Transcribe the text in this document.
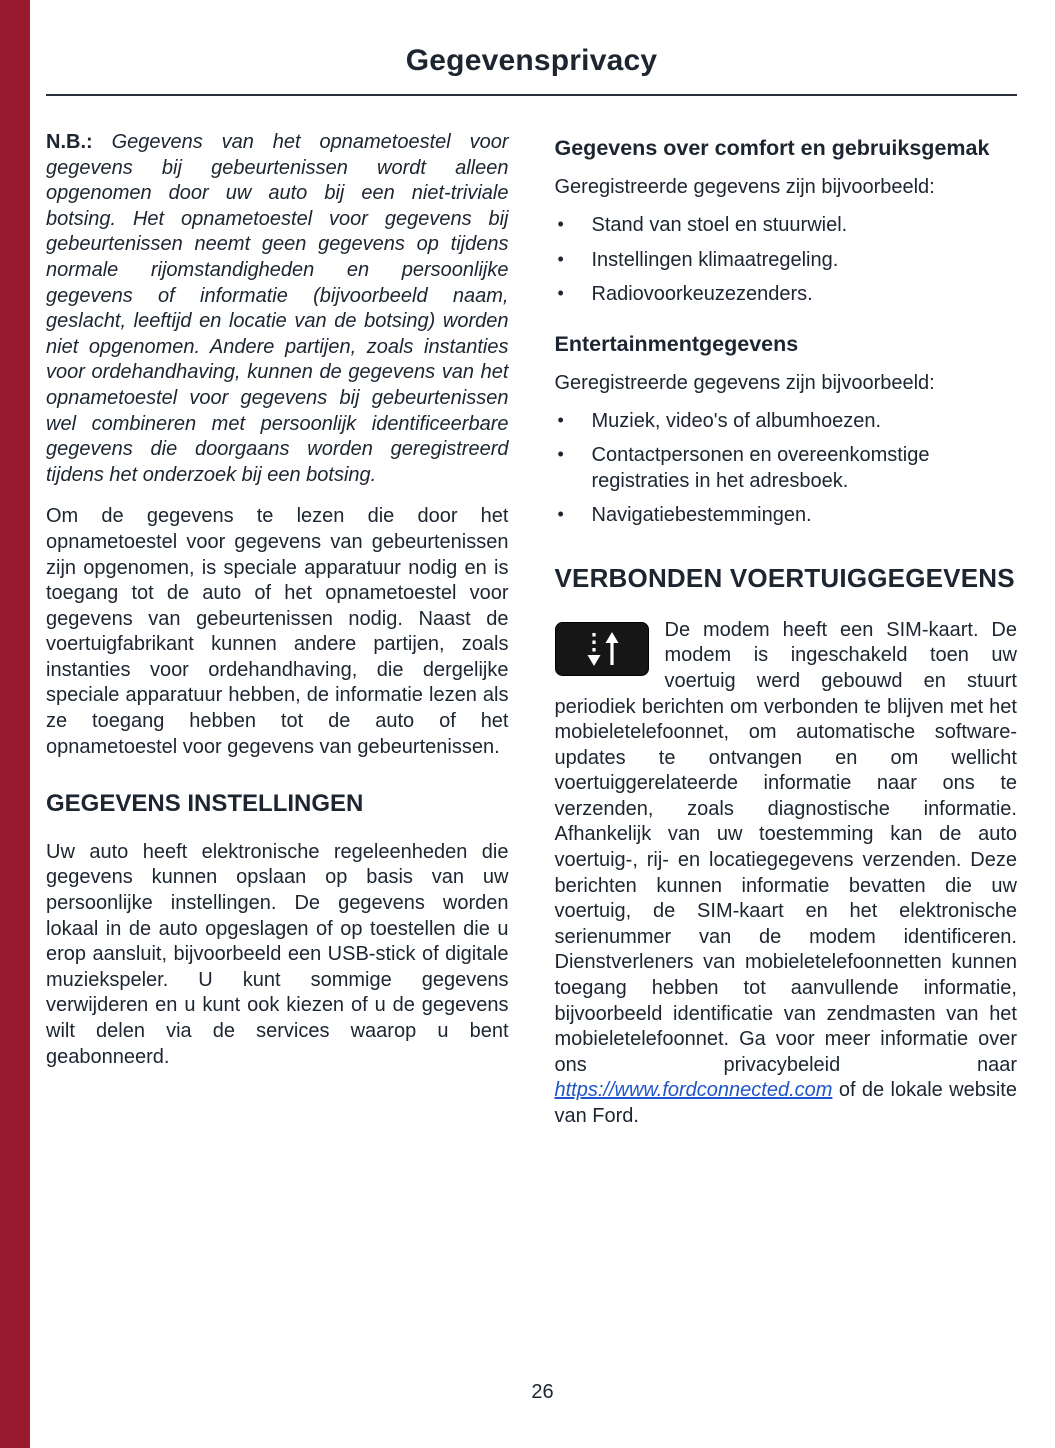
Gegevensprivacy

N.B.: Gegevens van het opnametoestel voor gegevens bij gebeurtenissen wordt alleen opgenomen door uw auto bij een niet-triviale botsing. Het opnametoestel voor gegevens bij gebeurtenissen neemt geen gegevens op tijdens normale rijomstandigheden en persoonlijke gegevens of informatie (bijvoorbeeld naam, geslacht, leeftijd en locatie van de botsing) worden niet opgenomen. Andere partijen, zoals instanties voor ordehandhaving, kunnen de gegevens van het opnametoestel voor gegevens bij gebeurtenissen wel combineren met persoonlijk identificeerbare gegevens die doorgaans worden geregistreerd tijdens het onderzoek bij een botsing.

Om de gegevens te lezen die door het opnametoestel voor gegevens van gebeurtenissen zijn opgenomen, is speciale apparatuur nodig en is toegang tot de auto of het opnametoestel voor gegevens van gebeurtenissen nodig. Naast de voertuigfabrikant kunnen andere partijen, zoals instanties voor ordehandhaving, die dergelijke speciale apparatuur hebben, de informatie lezen als ze toegang hebben tot de auto of het opnametoestel voor gegevens van gebeurtenissen.

GEGEVENS INSTELLINGEN

Uw auto heeft elektronische regeleenheden die gegevens kunnen opslaan op basis van uw persoonlijke instellingen. De gegevens worden lokaal in de auto opgeslagen of op toestellen die u erop aansluit, bijvoorbeeld een USB-stick of digitale muziekspeler. U kunt sommige gegevens verwijderen en u kunt ook kiezen of u de gegevens wilt delen via de services waarop u bent geabonneerd.

Gegevens over comfort en gebruiksgemak

Geregistreerde gegevens zijn bijvoorbeeld:

Stand van stoel en stuurwiel.
Instellingen klimaatregeling.
Radiovoorkeuzezenders.
Entertainmentgegevens

Geregistreerde gegevens zijn bijvoorbeeld:

Muziek, video's of albumhoezen.
Contactpersonen en overeenkomstige registraties in het adresboek.
Navigatiebestemmingen.
VERBONDEN VOERTUIGGEGEVENS

De modem heeft een SIM-kaart. De modem is ingeschakeld toen uw voertuig werd gebouwd en stuurt periodiek berichten om verbonden te blijven met het mobieletelefoonnet, om automatische software-updates te ontvangen en om wellicht voertuiggerelateerde informatie naar ons te verzenden, zoals diagnostische informatie. Afhankelijk van uw toestemming kan de auto voertuig-, rij- en locatiegegevens verzenden. Deze berichten kunnen informatie bevatten die uw voertuig, de SIM-kaart en het elektronische serienummer van de modem identificeren. Dienstverleners van mobieletelefoonnetten kunnen toegang hebben tot aanvullende informatie, bijvoorbeeld identificatie van zendmasten van het mobieletelefoonnet. Ga voor meer informatie over ons privacybeleid naar https://www.fordconnected.com of de lokale website van Ford.

26
